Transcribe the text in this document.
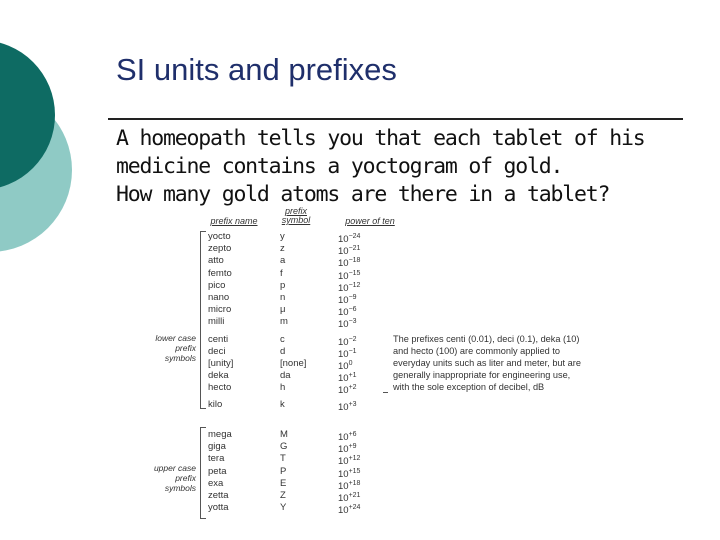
SI units and prefixes
A homeopath tells you that each tablet of his
medicine contains a yoctogram of gold.
How many gold atoms are there in a tablet?
prefix name
prefix symbol	power of ten
lower case prefix symbols
yocto
zepto
atto
femto
pico
nano
micro
milli
centi
deci
[unity]
deka
hecto
kilo
y
z
a
f
p
n
μ
m
c
d
[none]
da
h
k
$10^{-24}$
$10^{-21}$
$10^{-18}$
$10^{-15}$
$10^{-12}$
$10^{-9}$
$10^{-6}$
$10^{-3}$
$10^{-2}$
$10^{-1}$
$10^0$
$10^{+1}$
$10^{+2}$
$10^{+3}$
upper case prefix symbols
mega
giga
tera
peta
exa
zetta
yotta
M
G
T
P
E
Z
Y
$10^{+6}$
$10^{+9}$
$10^{+12}$
$10^{+15}$
$10^{+18}$
$10^{+21}$
$10^{+24}$
The prefixes centi (0.01), deci (0.1), deka (10)
and hecto (100) are commonly applied to
everyday units such as liter and meter, but are
generally inappropriate for engineering use,
with the sole exception of decibel, dB
